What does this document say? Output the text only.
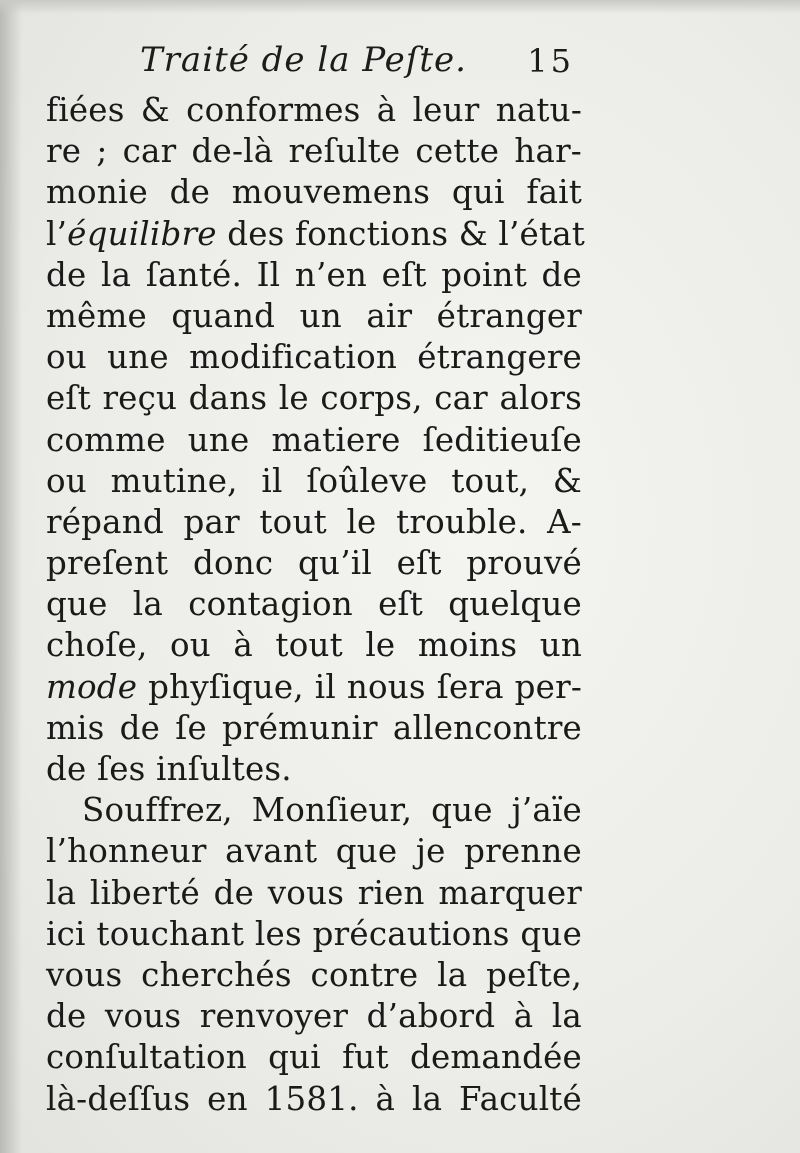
Traité de la Peſte. 15
fiées & conformes à leur natu-
re ; car de-là reſulte cette har-
monie de mouvemens qui fait
l’équilibre des fonctions & l’état
de la ſanté. Il n’en eſt point de
même quand un air étranger
ou une modification étrangere
eſt reçu dans le corps, car alors
comme une matiere ſeditieuſe
ou mutine, il ſoûleve tout, &
répand par tout le trouble. A-
preſent donc qu’il eſt prouvé
que la contagion eſt quelque
choſe, ou à tout le moins un
mode phyſique, il nous ſera per-
mis de ſe prémunir allencontre
de ſes inſultes.
Souffrez, Monſieur, que j’aïe
l’honneur avant que je prenne
la liberté de vous rien marquer
ici touchant les précautions que
vous cherchés contre la peſte,
de vous renvoyer d’abord à la
conſultation qui fut demandée
là-deſſus en 1581. à la Faculté
